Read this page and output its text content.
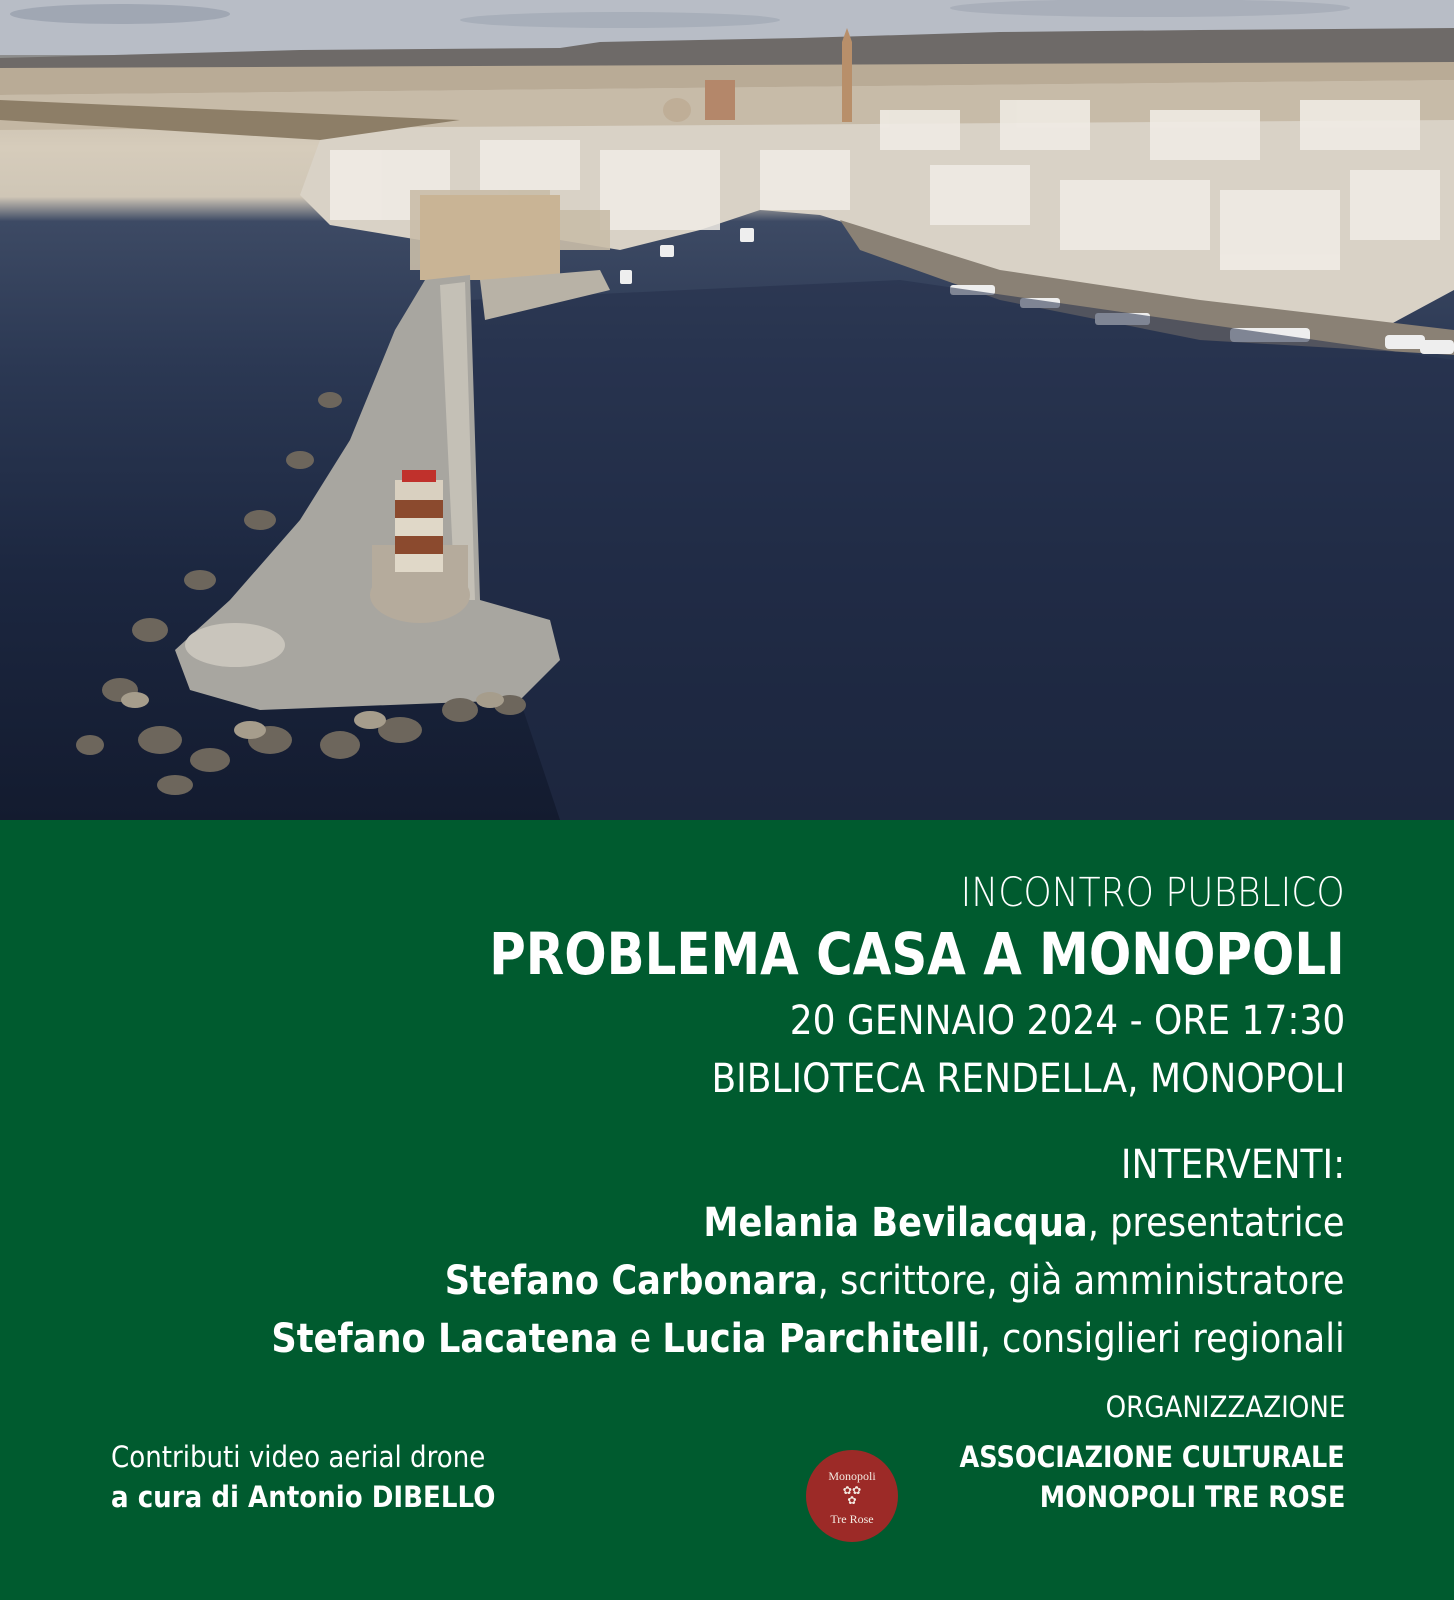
INCONTRO PUBBLICO
PROBLEMA CASA A MONOPOLI
20 GENNAIO 2024 - ORE 17:30
BIBLIOTECA RENDELLA, MONOPOLI
INTERVENTI:
Melania Bevilacqua, presentatrice
Stefano Carbonara, scrittore, già amministratore
Stefano Lacatena e Lucia Parchitelli, consiglieri regionali
Contributi video aerial drone
a cura di Antonio DIBELLO
ORGANIZZAZIONE
Monopoli
✿✿
✿
Tre Rose
ASSOCIAZIONE CULTURALE
MONOPOLI TRE ROSE
